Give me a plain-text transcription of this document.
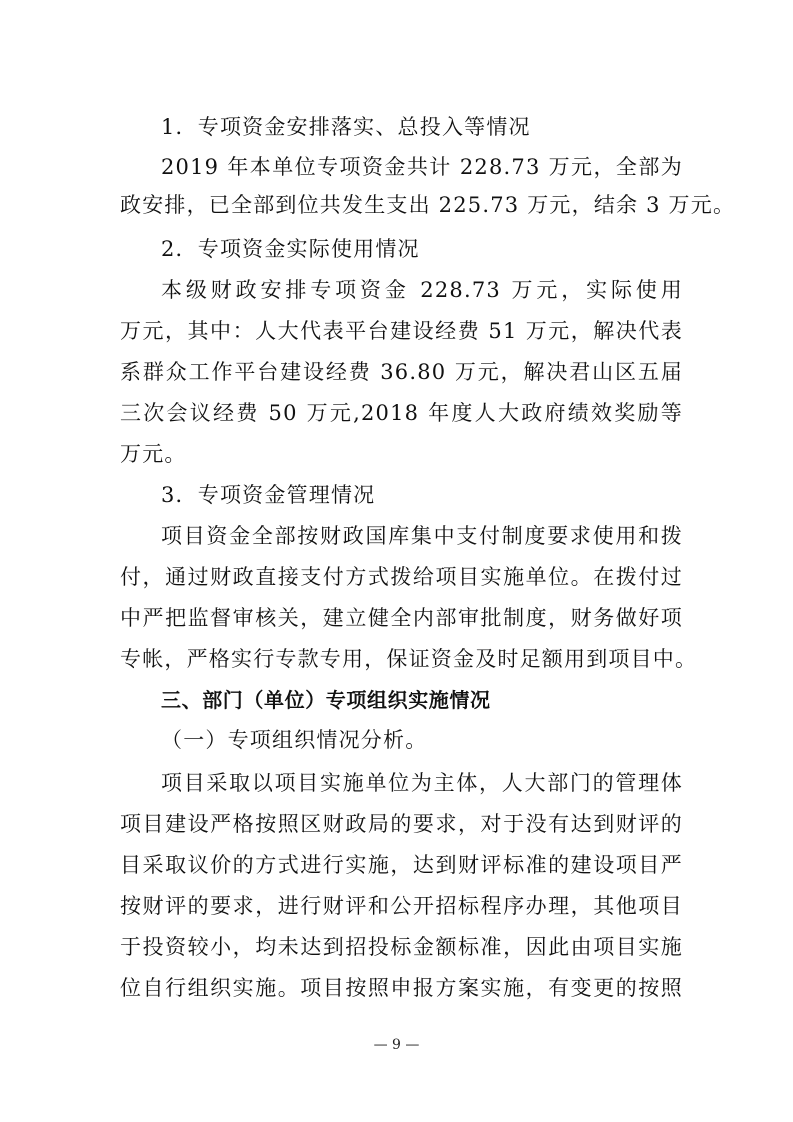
1．专项资金安排落实、总投入等情况

2019 年本单位专项资金共计 228.73 万元，全部为

政安排，已全部到位共发生支出 225.73 万元，结余 3 万元。

2．专项资金实际使用情况

本级财政安排专项资金 228.73 万元，实际使用

万元，其中：人大代表平台建设经费 51 万元，解决代表

系群众工作平台建设经费 36.80 万元，解决君山区五届

三次会议经费 50 万元,2018 年度人大政府绩效奖励等

万元。

3．专项资金管理情况

项目资金全部按财政国库集中支付制度要求使用和拨

付，通过财政直接支付方式拨给项目实施单位。在拨付过

中严把监督审核关，建立健全内部审批制度，财务做好项

专帐，严格实行专款专用，保证资金及时足额用到项目中。

三、部门（单位）专项组织实施情况

（一）专项组织情况分析。

项目采取以项目实施单位为主体，人大部门的管理体

项目建设严格按照区财政局的要求，对于没有达到财评的

目采取议价的方式进行实施，达到财评标准的建设项目严

按财评的要求，进行财评和公开招标程序办理，其他项目

于投资较小，均未达到招投标金额标准，因此由项目实施

位自行组织实施。项目按照申报方案实施，有变更的按照

— 9 —
